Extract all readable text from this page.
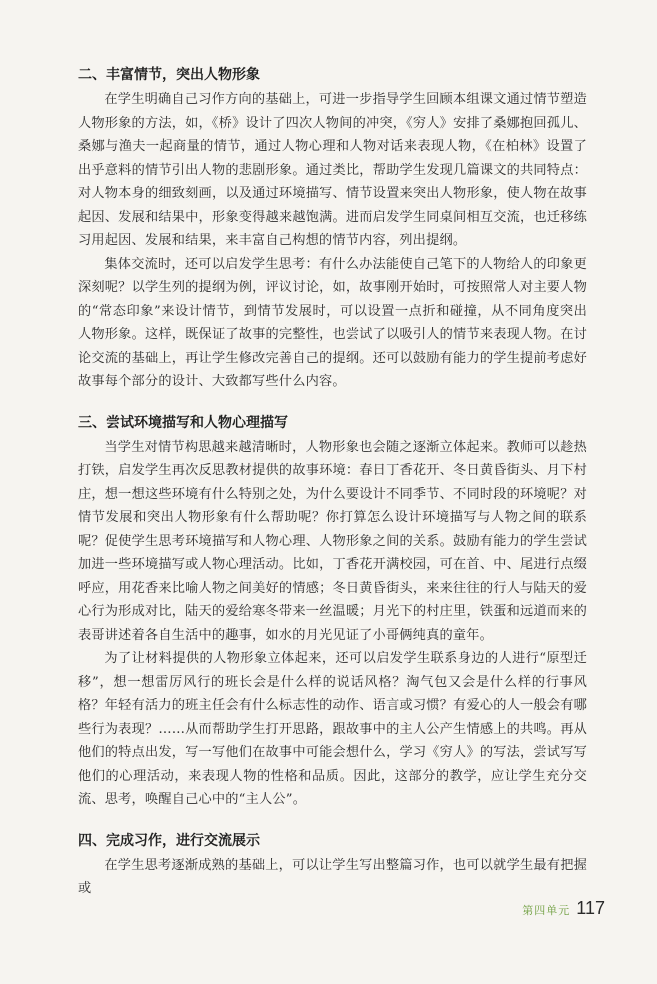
二、丰富情节，突出人物形象

在学生明确自己习作方向的基础上，可进一步指导学生回顾本组课文通过情节塑造人物形象的方法，如，《桥》设计了四次人物间的冲突，《穷人》安排了桑娜抱回孤儿、桑娜与渔夫一起商量的情节，通过人物心理和人物对话来表现人物，《在柏林》设置了出乎意料的情节引出人物的悲剧形象。通过类比，帮助学生发现几篇课文的共同特点：对人物本身的细致刻画，以及通过环境描写、情节设置来突出人物形象，使人物在故事起因、发展和结果中，形象变得越来越饱满。进而启发学生同桌间相互交流，也迁移练习用起因、发展和结果，来丰富自己构想的情节内容，列出提纲。

集体交流时，还可以启发学生思考：有什么办法能使自己笔下的人物给人的印象更深刻呢？以学生列的提纲为例，评议讨论，如，故事刚开始时，可按照常人对主要人物的“常态印象”来设计情节，到情节发展时，可以设置一点折和碰撞，从不同角度突出人物形象。这样，既保证了故事的完整性，也尝试了以吸引人的情节来表现人物。在讨论交流的基础上，再让学生修改完善自己的提纲。还可以鼓励有能力的学生提前考虑好故事每个部分的设计、大致都写些什么内容。

三、尝试环境描写和人物心理描写

当学生对情节构思越来越清晰时，人物形象也会随之逐渐立体起来。教师可以趁热打铁，启发学生再次反思教材提供的故事环境：春日丁香花开、冬日黄昏街头、月下村庄，想一想这些环境有什么特别之处，为什么要设计不同季节、不同时段的环境呢？对情节发展和突出人物形象有什么帮助呢？你打算怎么设计环境描写与人物之间的联系呢？促使学生思考环境描写和人物心理、人物形象之间的关系。鼓励有能力的学生尝试加进一些环境描写或人物心理活动。比如，丁香花开满校园，可在首、中、尾进行点缀呼应，用花香来比喻人物之间美好的情感；冬日黄昏街头，来来往往的行人与陆天的爱心行为形成对比，陆天的爱给寒冬带来一丝温暖；月光下的村庄里，铁蛋和远道而来的表哥讲述着各自生活中的趣事，如水的月光见证了小哥俩纯真的童年。

为了让材料提供的人物形象立体起来，还可以启发学生联系身边的人进行“原型迁移”，想一想雷厉风行的班长会是什么样的说话风格？淘气包又会是什么样的行事风格？年轻有活力的班主任会有什么标志性的动作、语言或习惯？有爱心的人一般会有哪些行为表现？……从而帮助学生打开思路，跟故事中的主人公产生情感上的共鸣。再从他们的特点出发，写一写他们在故事中可能会想什么，学习《穷人》的写法，尝试写写他们的心理活动，来表现人物的性格和品质。因此，这部分的教学，应让学生充分交流、思考，唤醒自己心中的“主人公”。

四、完成习作，进行交流展示

在学生思考逐渐成熟的基础上，可以让学生写出整篇习作，也可以就学生最有把握或

第四单元 117
